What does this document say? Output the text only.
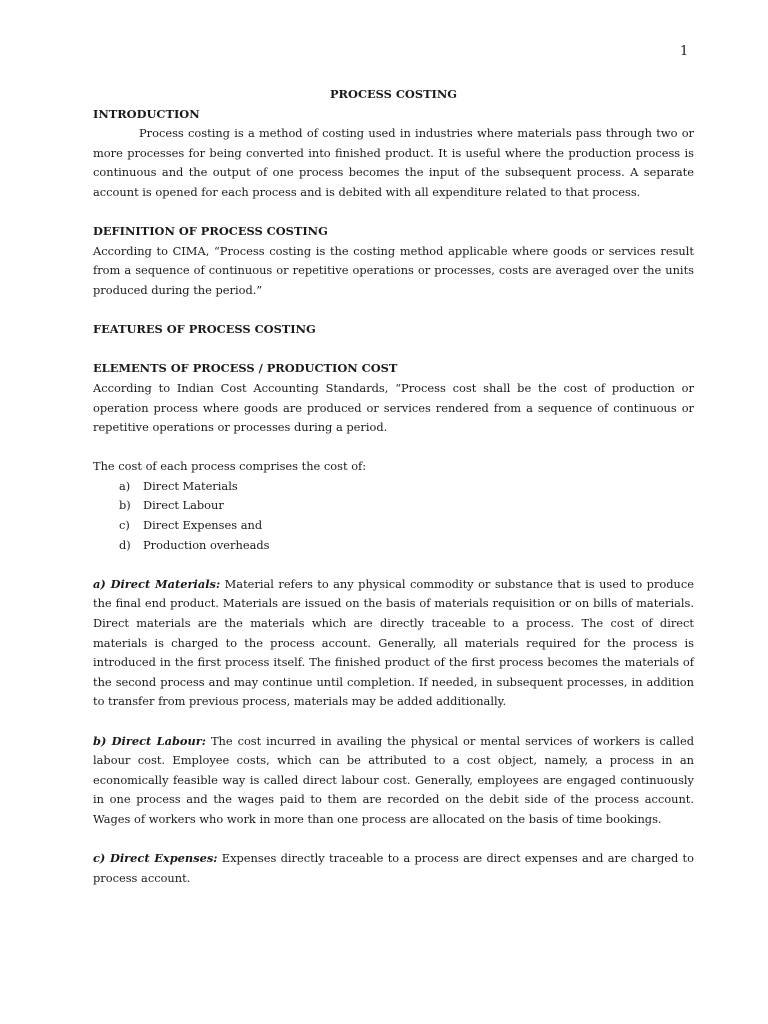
1

PROCESS COSTING

INTRODUCTION

Process costing is a method of costing used in industries where materials pass through two or more processes for being converted into finished product. It is useful where the production process is continuous and the output of one process becomes the input of the subsequent process. A separate account is opened for each process and is debited with all expenditure related to that process.

DEFINITION OF PROCESS COSTING

According to CIMA, “Process costing is the costing method applicable where goods or services result from a sequence of continuous or repetitive operations or processes, costs are averaged over the units produced during the period.”

FEATURES OF PROCESS COSTING

ELEMENTS OF PROCESS / PRODUCTION COST

According to Indian Cost Accounting Standards, “Process cost shall be the cost of production or operation process where goods are produced or services rendered from a sequence of continuous or repetitive operations or processes during a period.

The cost of each process comprises the cost of:

a)	Direct Materials
b)	Direct Labour
c)	Direct Expenses and
d)	Production overheads

a) Direct Materials: Material refers to any physical commodity or substance that is used to produce the final end product. Materials are issued on the basis of materials requisition or on bills of materials. Direct materials are the materials which are directly traceable to a process. The cost of direct materials is charged to the process account. Generally, all materials required for the process is introduced in the first process itself. The finished product of the first process becomes the materials of the second process and may continue until completion. If needed, in subsequent processes, in addition to transfer from previous process, materials may be added additionally.

b) Direct Labour: The cost incurred in availing the physical or mental services of workers is called labour cost. Employee costs, which can be attributed to a cost object, namely, a process in an economically feasible way is called direct labour cost. Generally, employees are engaged continuously in one process and the wages paid to them are recorded on the debit side of the process account. Wages of workers who work in more than one process are allocated on the basis of time bookings.

c) Direct Expenses: Expenses directly traceable to a process are direct expenses and are charged to process account.
